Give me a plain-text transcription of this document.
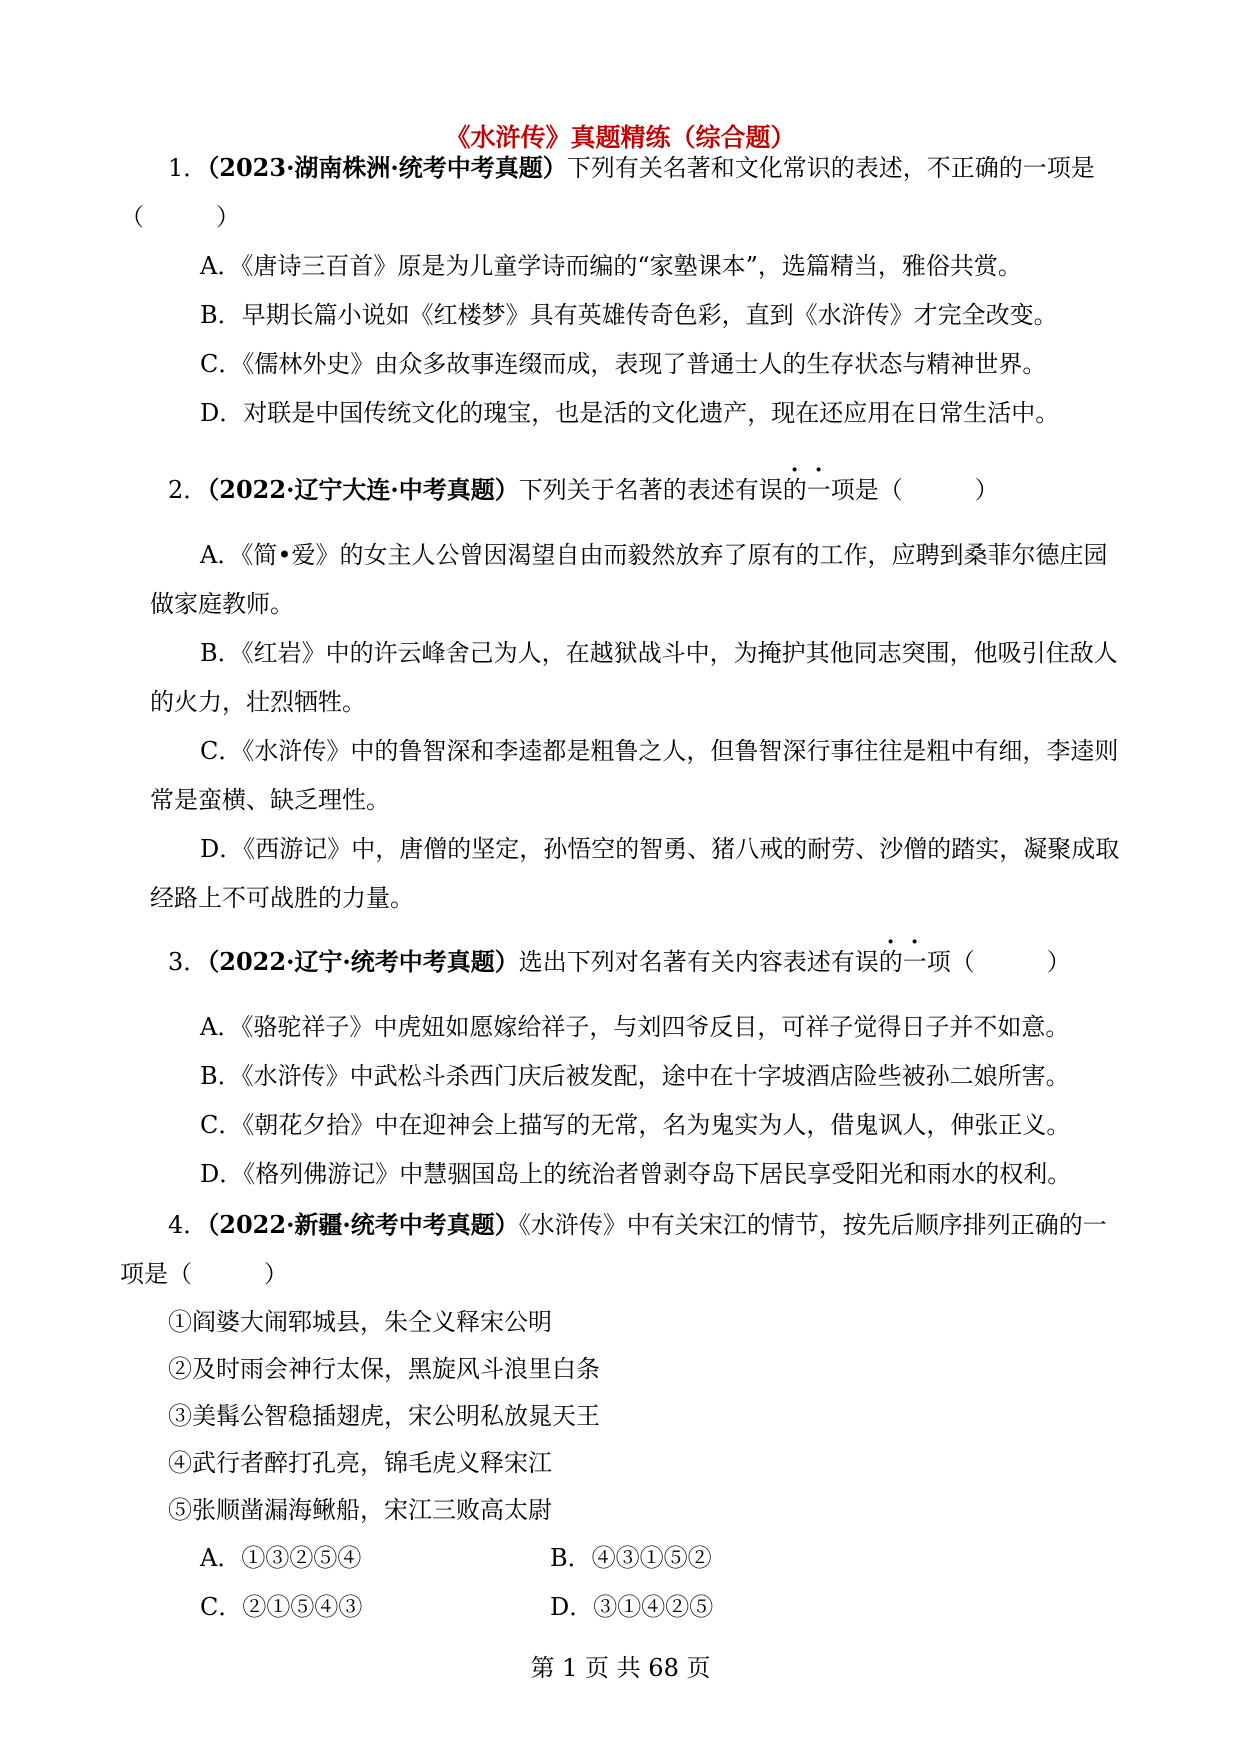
《水浒传》真题精练（综合题）

1．（2023·湖南株洲·统考中考真题）下列有关名著和文化常识的表述，不正确的一项是（　　　）

A．《唐诗三百首》原是为儿童学诗而编的“家塾课本”，选篇精当，雅俗共赏。

B．早期长篇小说如《红楼梦》具有英雄传奇色彩，直到《水浒传》才完全改变。

C．《儒林外史》由众多故事连缀而成，表现了普通士人的生存状态与精神世界。

D．对联是中国传统文化的瑰宝，也是活的文化遗产，现在还应用在日常生活中。

2．（2022·辽宁大连·中考真题）下列关于名著的表述· 有· 误的一项是（　　　）

A．《简•爱》的女主人公曾因渴望自由而毅然放弃了原有的工作，应聘到桑菲尔德庄园做家庭教师。

B．《红岩》中的许云峰舍己为人，在越狱战斗中，为掩护其他同志突围，他吸引住敌人的火力，壮烈牺牲。

C．《水浒传》中的鲁智深和李逵都是粗鲁之人，但鲁智深行事往往是粗中有细，李逵则常是蛮横、缺乏理性。

D．《西游记》中，唐僧的坚定，孙悟空的智勇、猪八戒的耐劳、沙僧的踏实，凝聚成取经路上不可战胜的力量。

3．（2022·辽宁·统考中考真题）选出下列对名著有关内容表述· 有· 误的一项（　　　）

A．《骆驼祥子》中虎妞如愿嫁给祥子，与刘四爷反目，可祥子觉得日子并不如意。

B．《水浒传》中武松斗杀西门庆后被发配，途中在十字坡酒店险些被孙二娘所害。

C．《朝花夕拾》中在迎神会上描写的无常，名为鬼实为人，借鬼讽人，伸张正义。

D．《格列佛游记》中慧骃国岛上的统治者曾剥夺岛下居民享受阳光和雨水的权利。

4．（2022·新疆·统考中考真题）《水浒传》中有关宋江的情节，按先后顺序排列正确的一项是（　　　）

①阎婆大闹郓城县，朱仝义释宋公明

②及时雨会神行太保，黑旋风斗浪里白条

③美髯公智稳插翅虎，宋公明私放晁天王

④武行者醉打孔亮，锦毛虎义释宋江

⑤张顺凿漏海鳅船，宋江三败高太尉

A．①③②⑤④	B．④③①⑤②
C．②①⑤④③	D．③①④②⑤
第 1 页 共 68 页
